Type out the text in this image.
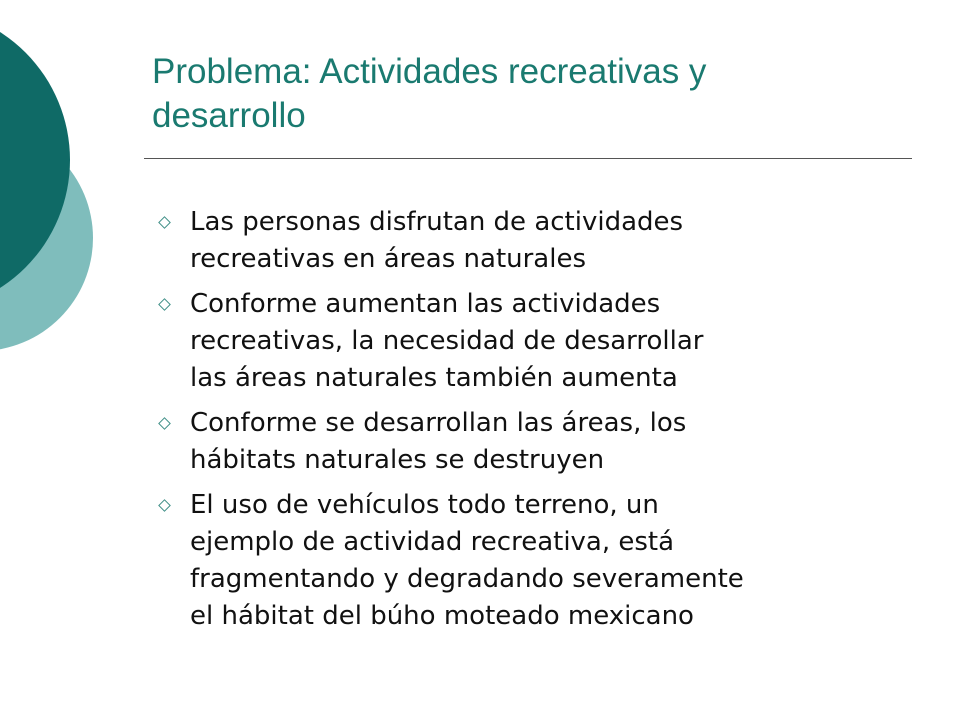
Problema: Actividades recreativas y
desarrollo
Las personas disfrutan de actividades
recreativas en áreas naturales
Conforme aumentan las actividades
recreativas, la necesidad de desarrollar
las áreas naturales también aumenta
Conforme se desarrollan las áreas, los
hábitats naturales se destruyen
El uso de vehículos todo terreno, un
ejemplo de actividad recreativa, está
fragmentando y degradando severamente
el hábitat del búho moteado mexicano
